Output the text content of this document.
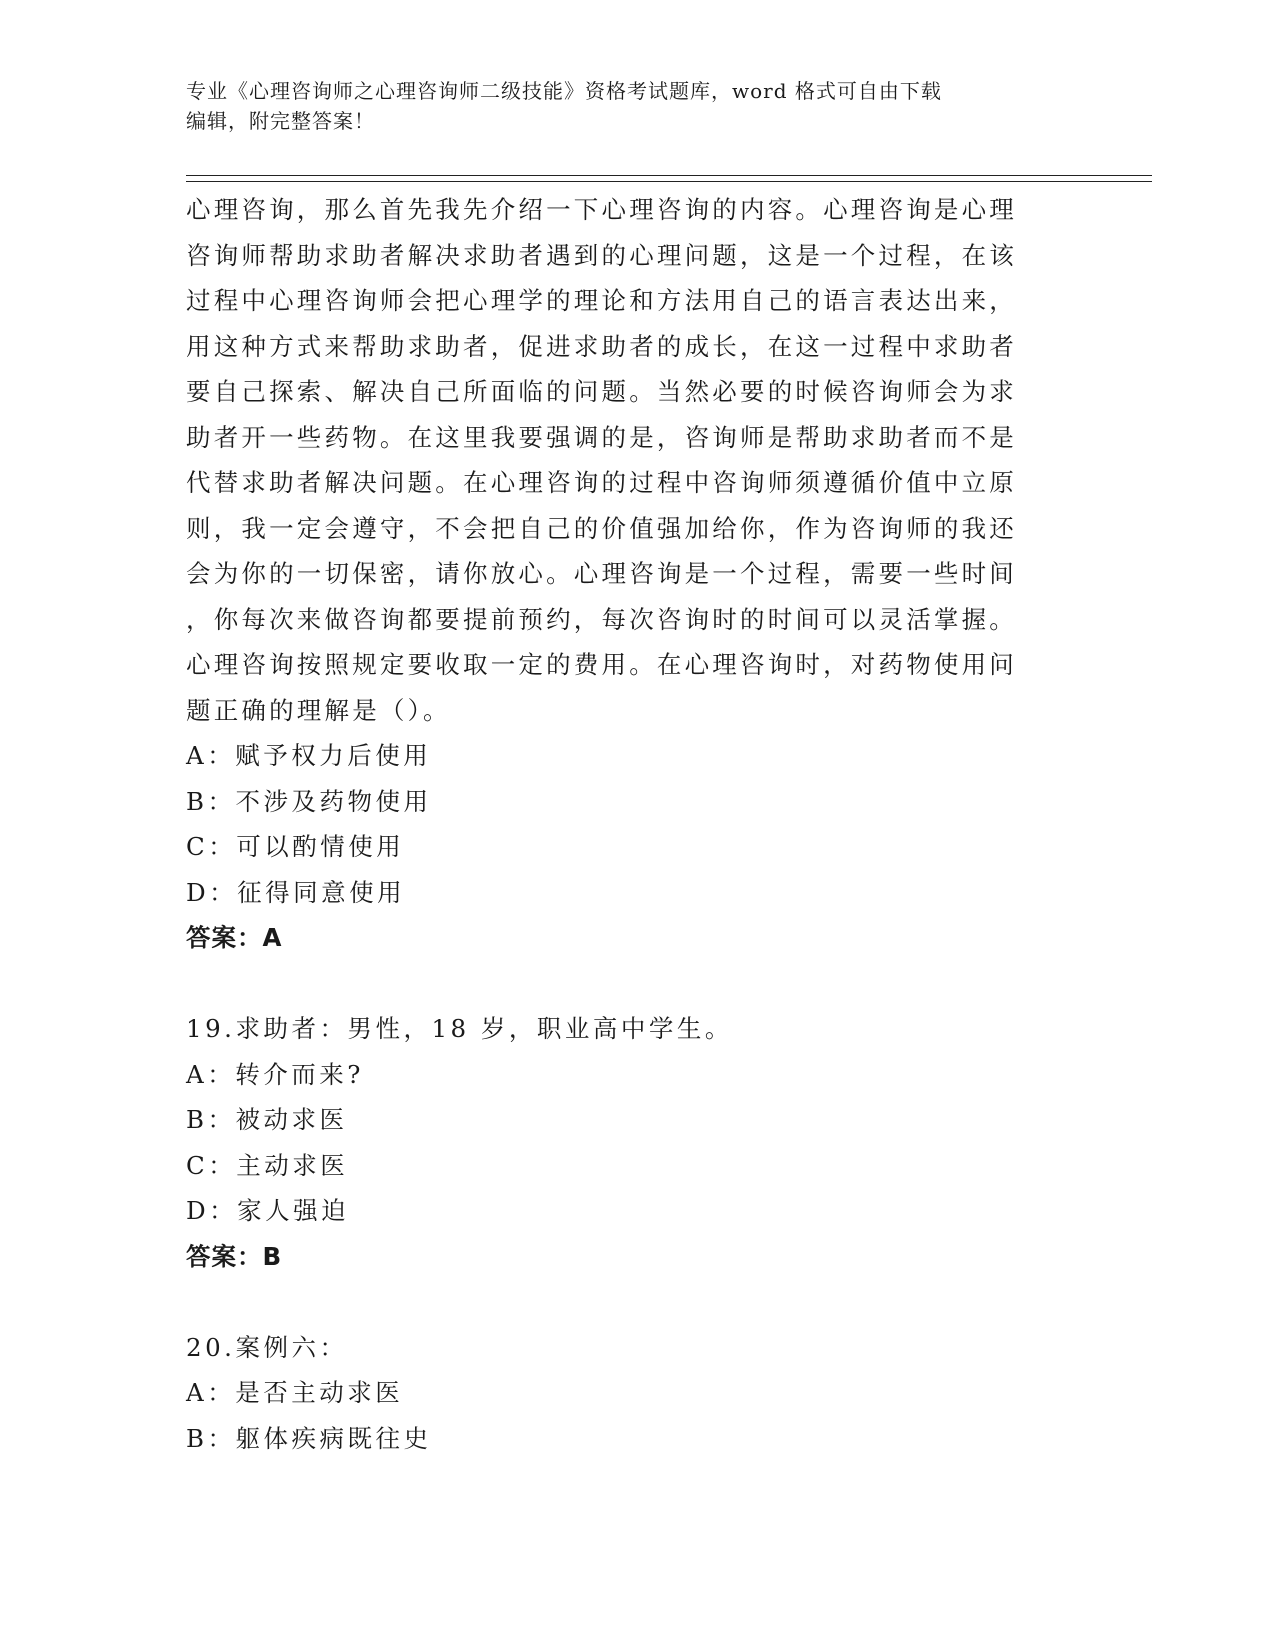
专业《心理咨询师之心理咨询师二级技能》资格考试题库，word 格式可自由下载
编辑，附完整答案！
心理咨询，那么首先我先介绍一下心理咨询的内容。心理咨询是心理
咨询师帮助求助者解决求助者遇到的心理问题，这是一个过程，在该
过程中心理咨询师会把心理学的理论和方法用自己的语言表达出来，
用这种方式来帮助求助者，促进求助者的成长，在这一过程中求助者
要自己探索、解决自己所面临的问题。当然必要的时候咨询师会为求
助者开一些药物。在这里我要强调的是，咨询师是帮助求助者而不是
代替求助者解决问题。在心理咨询的过程中咨询师须遵循价值中立原
则，我一定会遵守，不会把自己的价值强加给你，作为咨询师的我还
会为你的一切保密，请你放心。心理咨询是一个过程，需要一些时间
，你每次来做咨询都要提前预约，每次咨询时的时间可以灵活掌握。
心理咨询按照规定要收取一定的费用。在心理咨询时，对药物使用问
题正确的理解是（）。
A：赋予权力后使用
B：不涉及药物使用
C：可以酌情使用
D：征得同意使用
答案：A
19.求助者：男性，18 岁，职业高中学生。
A：转介而来?
B：被动求医
C：主动求医
D：家人强迫
答案：B
20.案例六：
A：是否主动求医
B：躯体疾病既往史
